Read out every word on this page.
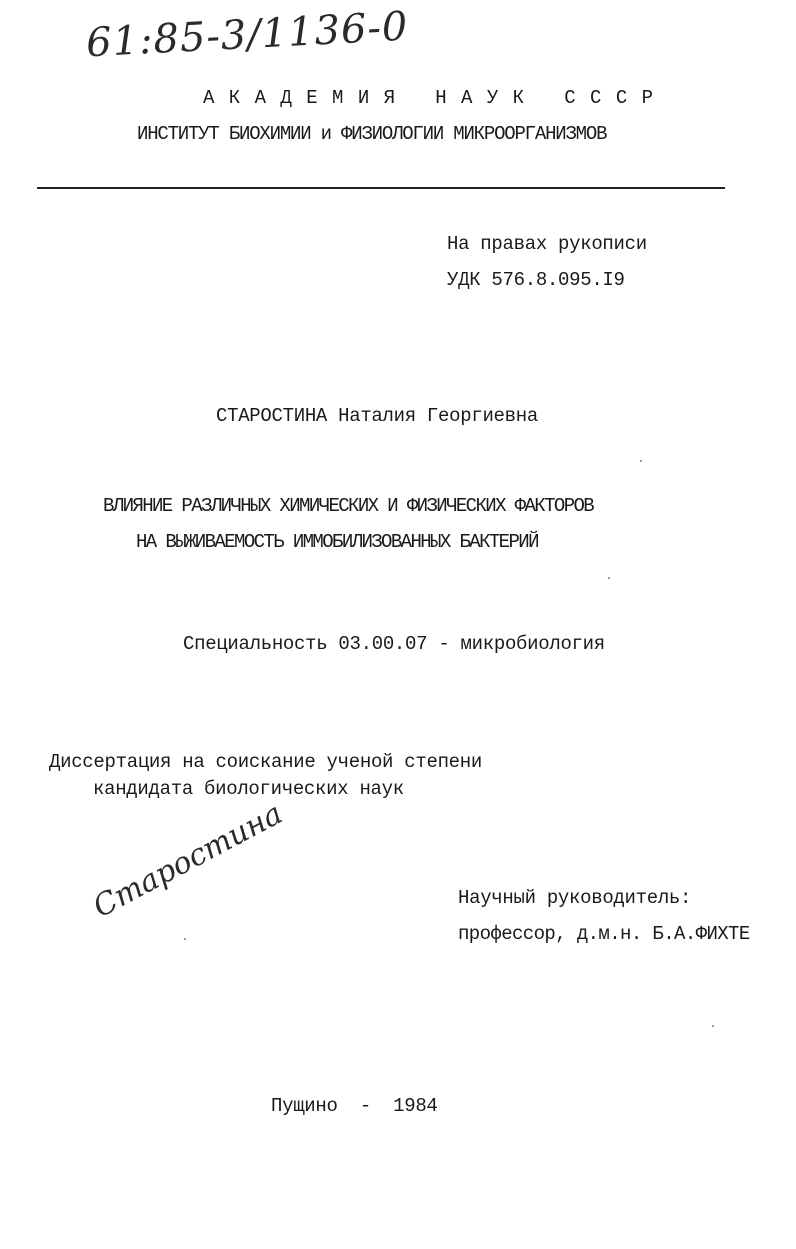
61:85-3/1136-0
А К А Д Е М И Я   Н А У К   С С С Р
ИНСТИТУТ БИОХИМИИ и ФИЗИОЛОГИИ МИКРООРГАНИЗМОВ
На правах рукописи
УДК 576.8.095.I9
СТАРОСТИНА Наталия Георгиевна
ВЛИЯНИЕ РАЗЛИЧНЫХ ХИМИЧЕСКИХ И ФИЗИЧЕСКИХ ФАКТОРОВ
НА ВЫЖИВАЕМОСТЬ ИММОБИЛИЗОВАННЫХ БАКТЕРИЙ
Специальность 03.00.07 - микробиология
Диссертация на соискание ученой степени
кандидата биологических наук
Старостина	Научный руководитель:
профессор, д.м.н. Б.А.ФИХТЕ
Пущино  -  1984
